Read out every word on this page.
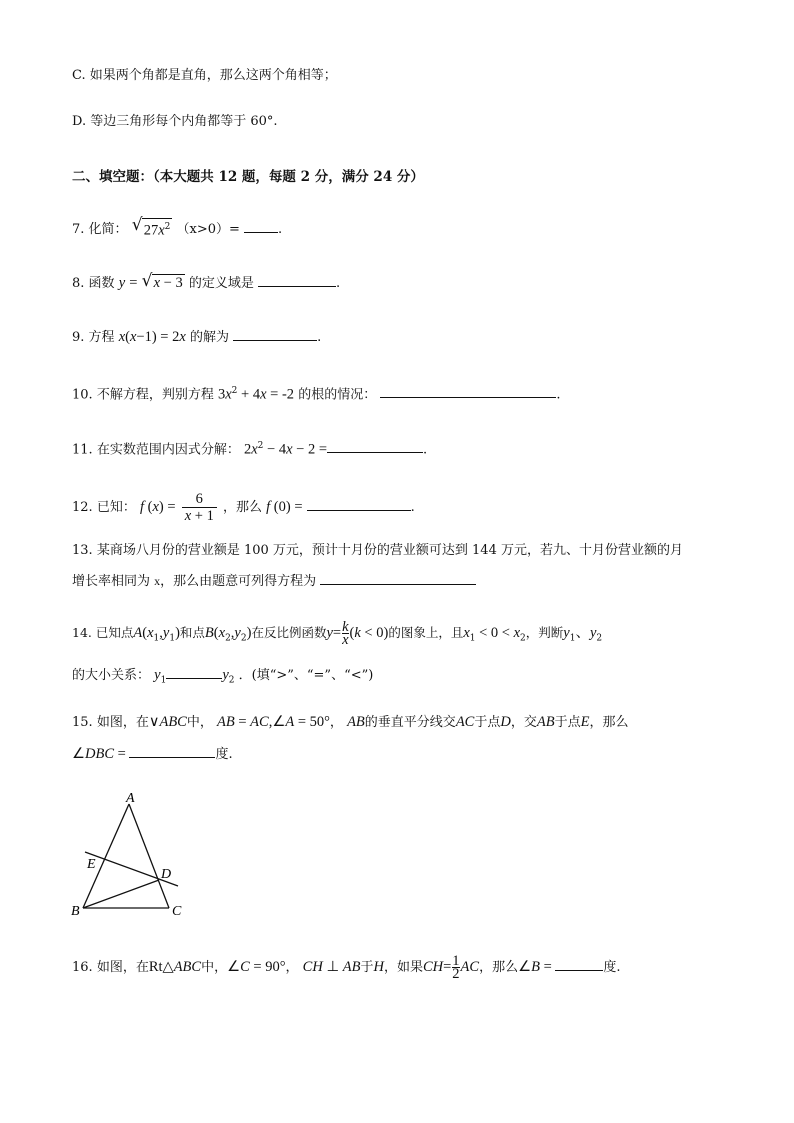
C. 如果两个角都是直角，那么这两个角相等；
D. 等边三角形每个内角都等于 60°.
二、填空题：（本大题共 12 题，每题 2 分，满分 24 分）
7. 化简： √ $27x^2$ （x>0）=	.
8. 函数 y = √ x − 3 的定义域是	.
9. 方程 x(x−1) = 2x 的解为	.
10. 不解方程，判别方程 $3x^2 + 4x = -2$ 的根的情况：	.
11. 在实数范围内因式分解： $2x^2 - 4x - 2$ =	.
12. 已知： f $(x) = \frac{6}{x + 1}$ ，那么 f (0) =	.
13. 某商场八月份的营业额是 100 万元，预计十月份的营业额可达到 144 万元，若九、十月份营业额的月
增长率相同为 x，那么由题意可列得方程为
14. 已知点$A(x_1,y_1)$和点$B(x_2,y_2)$在反比例函数$y= \frac{k}{x} (k < 0)$的图象上，且$x_1 < 0 < x_2$，判断$y_1$、$y_2$
的大小关系： $y_1$	$y_2$ ．(填“>”、“=”、“<”)
15. 如图，在∨ABC中， AB = AC,∠A = 50°， AB的垂直平分线交AC于点D，交AB于点E，那么
∠DBC =	度.
A
B	C
D
E
16. 如图，在Rt△ABC中，∠C = 90°， CH ⊥ AB于H，如果$CH= \frac{1}{2}$ AC，那么∠B =	度.
